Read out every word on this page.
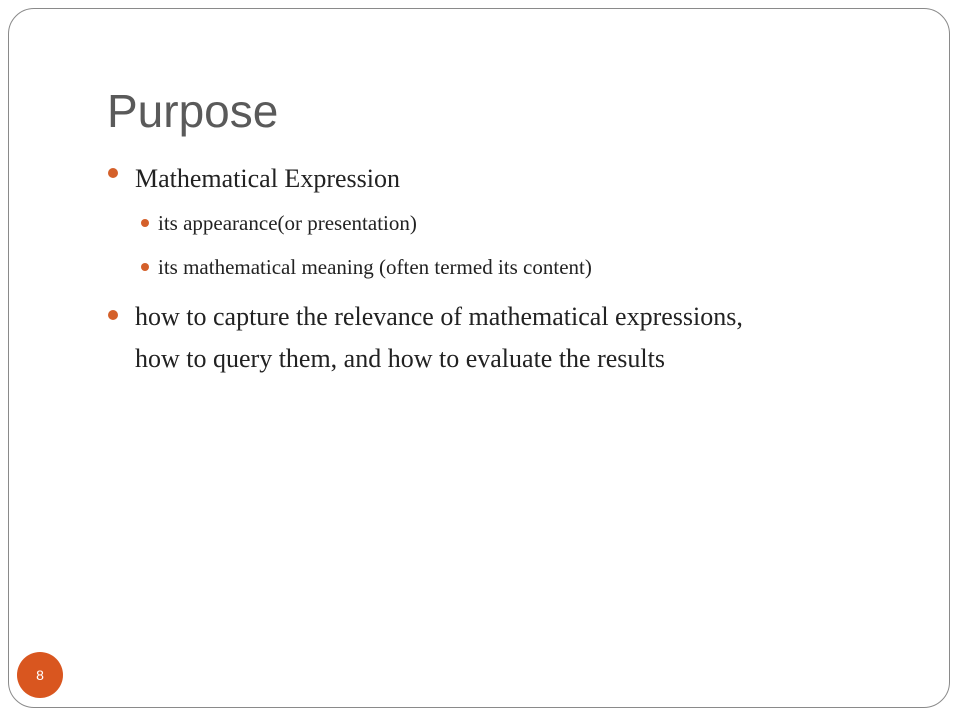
Purpose
Mathematical Expression
its appearance(or presentation)
its mathematical meaning (often termed its content)
how to capture the relevance of mathematical expressions,
how to query them, and how to evaluate the results
8
